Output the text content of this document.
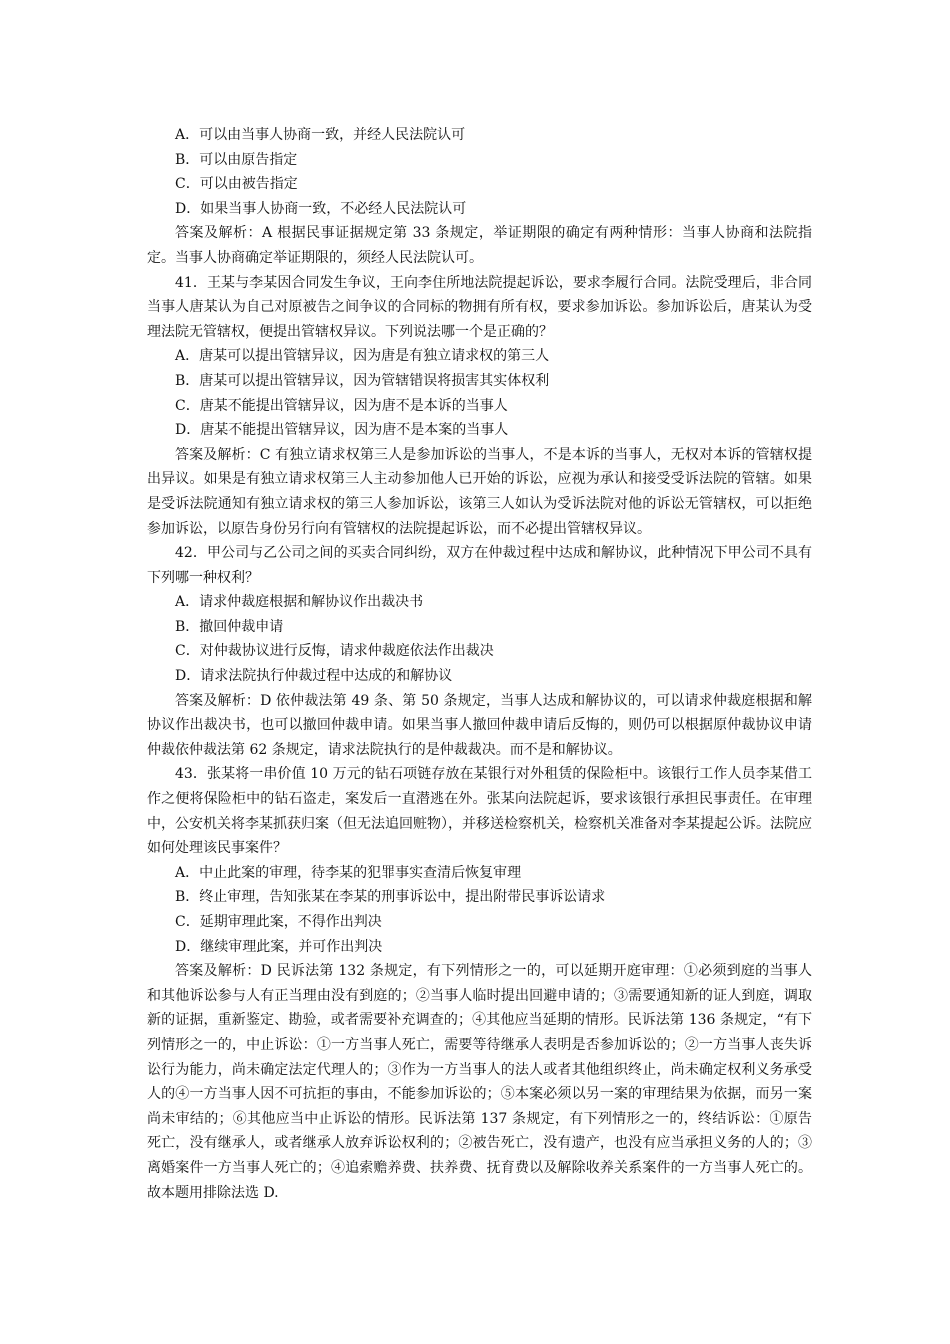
A．可以由当事人协商一致，并经人民法院认可

B．可以由原告指定

C．可以由被告指定

D．如果当事人协商一致，不必经人民法院认可

答案及解析：A 根据民事证据规定第 33 条规定，举证期限的确定有两种情形：当事人协商和法院指定。当事人协商确定举证期限的，须经人民法院认可。

41．王某与李某因合同发生争议，王向李住所地法院提起诉讼，要求李履行合同。法院受理后，非合同当事人唐某认为自己对原被告之间争议的合同标的物拥有所有权，要求参加诉讼。参加诉讼后，唐某认为受理法院无管辖权，便提出管辖权异议。下列说法哪一个是正确的？

A．唐某可以提出管辖异议，因为唐是有独立请求权的第三人

B．唐某可以提出管辖异议，因为管辖错误将损害其实体权利

C．唐某不能提出管辖异议，因为唐不是本诉的当事人

D．唐某不能提出管辖异议，因为唐不是本案的当事人

答案及解析：C 有独立请求权第三人是参加诉讼的当事人，不是本诉的当事人，无权对本诉的管辖权提出异议。如果是有独立请求权第三人主动参加他人已开始的诉讼，应视为承认和接受受诉法院的管辖。如果是受诉法院通知有独立请求权的第三人参加诉讼，该第三人如认为受诉法院对他的诉讼无管辖权，可以拒绝参加诉讼，以原告身份另行向有管辖权的法院提起诉讼，而不必提出管辖权异议。

42．甲公司与乙公司之间的买卖合同纠纷，双方在仲裁过程中达成和解协议，此种情况下甲公司不具有下列哪一种权利？

A．请求仲裁庭根据和解协议作出裁决书

B．撤回仲裁申请

C．对仲裁协议进行反悔，请求仲裁庭依法作出裁决

D．请求法院执行仲裁过程中达成的和解协议

答案及解析：D 依仲裁法第 49 条、第 50 条规定，当事人达成和解协议的，可以请求仲裁庭根据和解协议作出裁决书，也可以撤回仲裁申请。如果当事人撤回仲裁申请后反悔的，则仍可以根据原仲裁协议申请仲裁依仲裁法第 62 条规定，请求法院执行的是仲裁裁决。而不是和解协议。

43．张某将一串价值 10 万元的钻石项链存放在某银行对外租赁的保险柜中。该银行工作人员李某借工作之便将保险柜中的钻石盗走，案发后一直潜逃在外。张某向法院起诉，要求该银行承担民事责任。在审理中，公安机关将李某抓获归案（但无法追回赃物），并移送检察机关，检察机关准备对李某提起公诉。法院应如何处理该民事案件？

A．中止此案的审理，待李某的犯罪事实查清后恢复审理

B．终止审理，告知张某在李某的刑事诉讼中，提出附带民事诉讼请求

C．延期审理此案，不得作出判决

D．继续审理此案，并可作出判决

答案及解析：D 民诉法第 132 条规定，有下列情形之一的，可以延期开庭审理：①必须到庭的当事人和其他诉讼参与人有正当理由没有到庭的；②当事人临时提出回避申请的；③需要通知新的证人到庭，调取新的证据，重新鉴定、勘验，或者需要补充调查的；④其他应当延期的情形。民诉法第 136 条规定，“有下列情形之一的，中止诉讼：①一方当事人死亡，需要等待继承人表明是否参加诉讼的；②一方当事人丧失诉讼行为能力，尚未确定法定代理人的；③作为一方当事人的法人或者其他组织终止，尚未确定权利义务承受人的④一方当事人因不可抗拒的事由，不能参加诉讼的；⑤本案必须以另一案的审理结果为依据，而另一案尚未审结的；⑥其他应当中止诉讼的情形。民诉法第 137 条规定，有下列情形之一的，终结诉讼：①原告死亡，没有继承人，或者继承人放弃诉讼权利的；②被告死亡，没有遗产，也没有应当承担义务的人的；③离婚案件一方当事人死亡的；④追索赡养费、扶养费、抚育费以及解除收养关系案件的一方当事人死亡的。故本题用排除法选 D.
